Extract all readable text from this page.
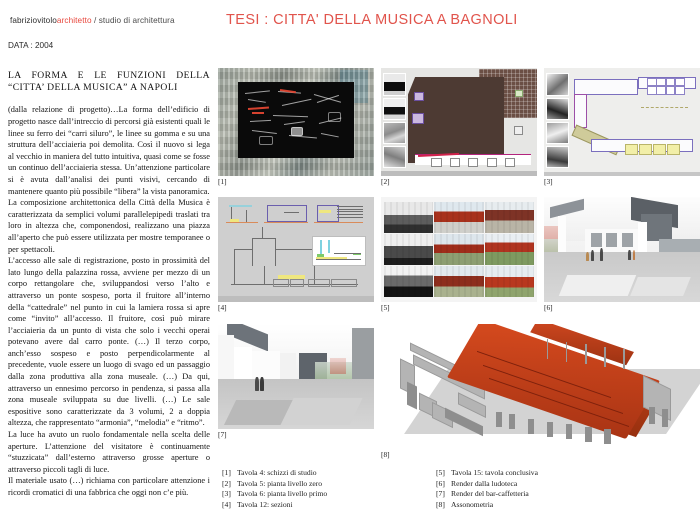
fabriziovitoloarchitetto / studio di architettura	TESI : CITTA' DELLA MUSICA A BAGNOLI
DATA : 2004
LA FORMA E LE FUNZIONI DELLA “CITTA’ DELLA MUSICA” A NAPOLI

(dalla relazione di progetto)…La forma dell’edificio di progetto nasce dall’intreccio di percorsi già esistenti quali le linee su ferro dei “carri siluro”, le linee su gomma e su una struttura dell’acciaieria poi demolita. Così il nuovo si lega al vecchio in maniera del tutto intuitiva, quasi come se fosse un continuo dell’acciaieria stessa. Un’attenzione particolare si è avuta dall’analisi dei punti visivi, cercando di mantenere quanto più possibile “libera” la vista panoramica.

La composizione architettonica della Città della Musica è caratterizzata da semplici volumi parallelepipedi traslati tra loro in altezza che, componendosi, realizzano una piazza all’aperto che può essere utilizzata per mostre temporanee o per spettacoli.

L’accesso alle sale di registrazione, posto in prossimità del lato lungo della palazzina rossa, avviene per mezzo di un corpo rettangolare che, sviluppandosi verso l’alto e attraverso un ponte sospeso, porta il fruitore all’interno della “cattedrale” nel punto in cui la lamiera rossa si apre come “invito” all’accesso. Il fruitore, così può mirare l’acciaieria da un punto di vista che solo i vecchi operai potevano avere dal carro ponte. (…) Il terzo corpo, anch’esso sospeso e posto perpendicolarmente al precedente, vuole essere un luogo di svago ed un passaggio dalla zona produttiva alla zona museale. (…) Da qui, attraverso un ennesimo percorso in pendenza, si passa alla zona museale sviluppata su due livelli. (…) Le sale espositive sono caratterizzate da 3 volumi, 2 a doppia altezza, che rappresentato “armonia”, “melodia” e “ritmo”.

La luce ha avuto un ruolo fondamentale nella scelta delle aperture. L’attenzione del visitatore è continuamente “stuzzicata” dall’esterno attraverso grosse aperture o attraverso piccoli tagli di luce.

Il materiale usato (…) richiama con particolare attenzione i ricordi cromatici di una fabbrica che oggi non c’e più.

[1]	[2]	[3]
[4]	[5]	[6]
[7]
[8]
[1] Tavola 4: schizzi di studio	[5] Tavola 15: tavola conclusiva
[2] Tavola 5: pianta livello zero	[6] Render dalla ludoteca
[3] Tavola 6: pianta livello primo	[7] Render del bar-caffetteria
[4] Tavola 12: sezioni	[8] Assonometria
